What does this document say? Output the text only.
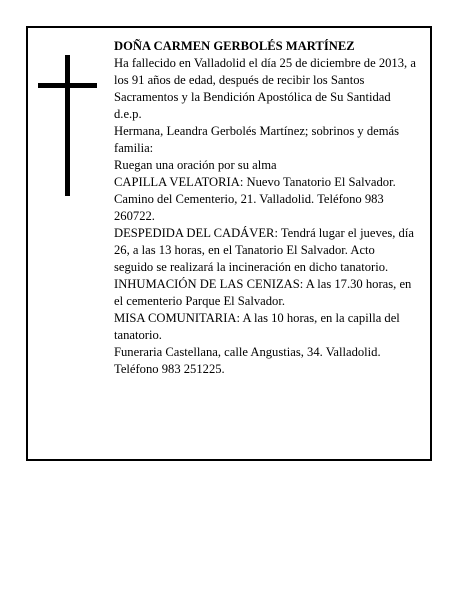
DOÑA CARMEN GERBOLÉS MARTÍNEZ

Ha fallecido en Valladolid el día 25 de diciembre de 2013, a los 91 años de edad, después de recibir los Santos Sacramentos y la Bendición Apostólica de Su Santidad

d.e.p.

Hermana, Leandra Gerbolés Martínez; sobrinos y demás familia:

Ruegan una oración por su alma

CAPILLA VELATORIA: Nuevo Tanatorio El Salvador. Camino del Cementerio, 21. Valladolid. Teléfono 983 260722.

DESPEDIDA DEL CADÁVER: Tendrá lugar el jueves, día 26, a las 13 horas, en el Tanatorio El Salvador. Acto seguido se realizará la incineración en dicho tanatorio.

INHUMACIÓN DE LAS CENIZAS: A las 17.30 horas, en el cementerio Parque El Salvador.

MISA COMUNITARIA: A las 10 horas, en la capilla del tanatorio.

Funeraria Castellana, calle Angustias, 34. Valladolid. Teléfono 983 251225.
